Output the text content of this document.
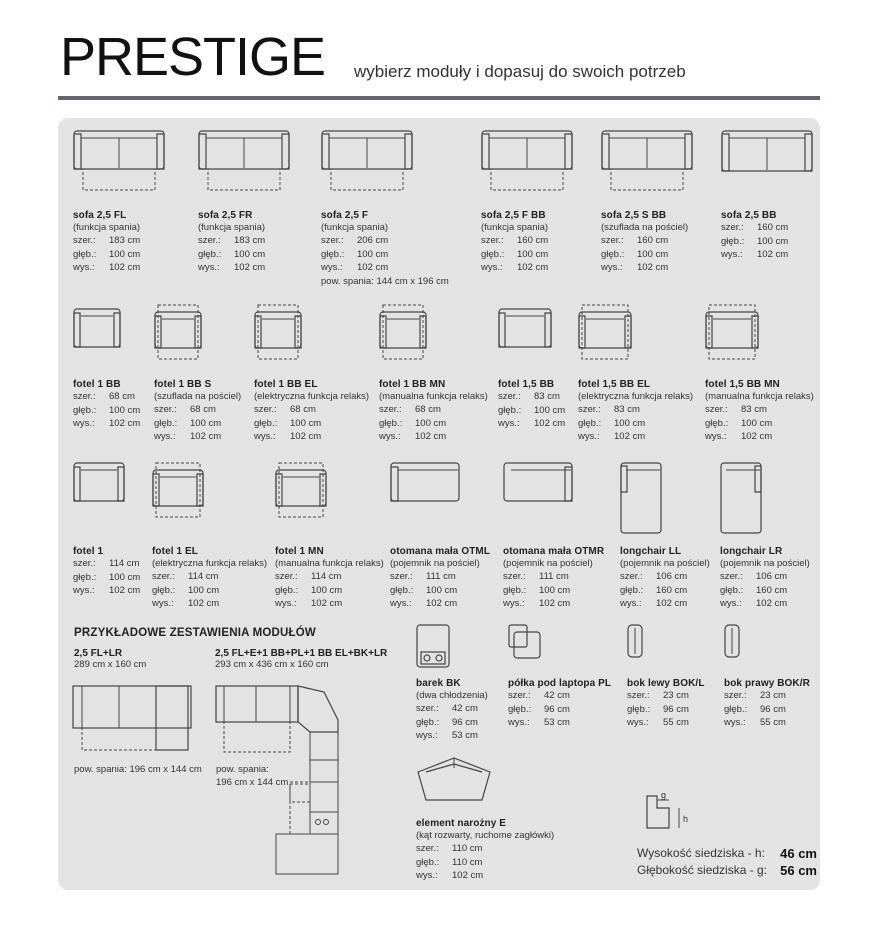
PRESTIGE wybierz moduły i dopasuj do swoich potrzeb
sofa 2,5 FL
(funkcja spania)
szer.:	183 cm
głęb.:	100 cm
wys.:	102 cm
sofa 2,5 FR
(funkcja spania)
szer.:	183 cm
głęb.:	100 cm
wys.:	102 cm
sofa 2,5 F
(funkcja spania)
szer.:	206 cm
głęb.:	100 cm
wys.:	102 cm
pow. spania: 144 cm x 196 cm
sofa 2,5 F BB
(funkcja spania)
szer.:	160 cm
głęb.:	100 cm
wys.:	102 cm
sofa 2,5 S BB
(szuflada na pościel)
szer.:	160 cm
głęb.:	100 cm
wys.:	102 cm
sofa 2,5 BB
szer.:	160 cm
głęb.:	100 cm
wys.:	102 cm
fotel 1 BB
szer.:	68 cm
głęb.:	100 cm
wys.:	102 cm
fotel 1 BB S
(szuflada na pościel)
szer.:	68 cm
głęb.:	100 cm
wys.:	102 cm
fotel 1 BB EL
(elektryczna funkcja relaks)
szer.:	68 cm
głęb.:	100 cm
wys.:	102 cm
fotel 1 BB MN
(manualna funkcja relaks)
szer.:	68 cm
głęb.:	100 cm
wys.:	102 cm
fotel 1,5 BB
szer.:	83 cm
głęb.:	100 cm
wys.:	102 cm
fotel 1,5 BB EL
(elektryczna funkcja relaks)
szer.:	83 cm
głęb.:	100 cm
wys.:	102 cm
fotel 1,5 BB MN
(manualna funkcja relaks)
szer.:	83 cm
głęb.:	100 cm
wys.:	102 cm
fotel 1
szer.:	114 cm
głęb.:	100 cm
wys.:	102 cm
fotel 1 EL
(elektryczna funkcja relaks)
szer.:	114 cm
głęb.:	100 cm
wys.:	102 cm
fotel 1 MN
(manualna funkcja relaks)
szer.:	114 cm
głęb.:	100 cm
wys.:	102 cm
otomana mała OTML
(pojemnik na pościel)
szer.:	111 cm
głęb.:	100 cm
wys.:	102 cm
otomana mała OTMR
(pojemnik na pościel)
szer.:	111 cm
głęb.:	100 cm
wys.:	102 cm
longchair LL
(pojemnik na pościel)
szer.:	106 cm
głęb.:	160 cm
wys.:	102 cm
longchair LR
(pojemnik na pościel)
szer.:	106 cm
głęb.:	160 cm
wys.:	102 cm
barek BK
(dwa chłodzenia)
szer.:	42 cm
głęb.:	96 cm
wys.:	53 cm
półka pod laptopa PL
szer.:	42 cm
głęb.:	96 cm
wys.:	53 cm
bok lewy BOK/L
szer.:	23 cm
głęb.:	96 cm
wys.:	55 cm
bok prawy BOK/R
szer.:	23 cm
głęb.:	96 cm
wys.:	55 cm
element narożny E
(kąt rozwarty, ruchome zagłówki)
szer.:	110 cm
głęb.:	110 cm
wys.:	102 cm
PRZYKŁADOWE ZESTAWIENIA MODUŁÓW
2,5 FL+LR
289 cm x 160 cm
pow. spania: 196 cm x 144 cm
2,5 FL+E+1 BB+PL+1 BB EL+BK+LR
293 cm x 436 cm x 160 cm
pow. spania:
196 cm x 144 cm
g
h
Wysokość siedziska - h: 46 cm
Głębokość siedziska - g: 56 cm
